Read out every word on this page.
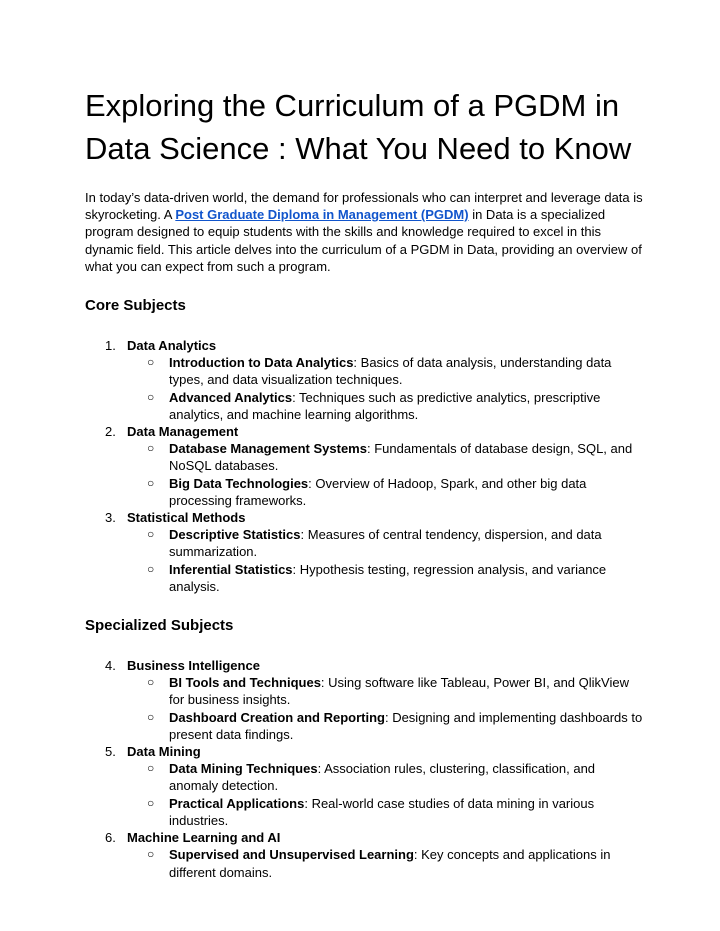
Exploring the Curriculum of a PGDM in Data Science : What You Need to Know

In today’s data-driven world, the demand for professionals who can interpret and leverage data is skyrocketing. A Post Graduate Diploma in Management (PGDM) in Data is a specialized program designed to equip students with the skills and knowledge required to excel in this dynamic field. This article delves into the curriculum of a PGDM in Data, providing an overview of what you can expect from such a program.

Core Subjects
1. Data Analytics
○ Introduction to Data Analytics: Basics of data analysis, understanding data types, and data visualization techniques.
○ Advanced Analytics: Techniques such as predictive analytics, prescriptive analytics, and machine learning algorithms.
2. Data Management
○ Database Management Systems: Fundamentals of database design, SQL, and NoSQL databases.
○ Big Data Technologies: Overview of Hadoop, Spark, and other big data processing frameworks.
3. Statistical Methods
○ Descriptive Statistics: Measures of central tendency, dispersion, and data summarization.
○ Inferential Statistics: Hypothesis testing, regression analysis, and variance analysis.
Specialized Subjects
4. Business Intelligence
○ BI Tools and Techniques: Using software like Tableau, Power BI, and QlikView for business insights.
○ Dashboard Creation and Reporting: Designing and implementing dashboards to present data findings.
5. Data Mining
○ Data Mining Techniques: Association rules, clustering, classification, and anomaly detection.
○ Practical Applications: Real-world case studies of data mining in various industries.
6. Machine Learning and AI
○ Supervised and Unsupervised Learning: Key concepts and applications in different domains.
